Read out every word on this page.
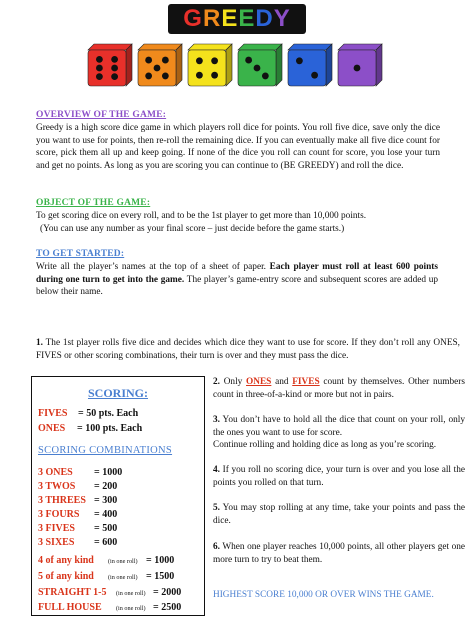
G R E E D Y
OVERVIEW OF THE GAME:
Greedy is a high score dice game in which players roll dice for points. You roll five dice, save only the dice you want to use for points, then re-roll the remaining dice. If you can eventually make all five dice count for score, pick them all up and keep going. If none of the dice you roll can count for score, you lose your turn and get no points. As long as you are scoring you can continue to (BE GREEDY) and roll the dice.
OBJECT OF THE GAME:
To get scoring dice on every roll, and to be the 1st player to get more than 10,000 points.
(You can use any number as your final score – just decide before the game starts.)
TO GET STARTED:
Write all the player’s names at the top of a sheet of paper. Each player must roll at least 600 points during one turn to get into the game. The player’s game-entry score and subsequent scores are added up below their name.
1. The 1st player rolls five dice and decides which dice they want to use for score. If they don’t roll any ONES, FIVES or other scoring combinations, their turn is over and they must pass the dice.
SCORING:
FIVES = 50 pts. Each
ONES = 100 pts. Each
SCORING COMBINATIONS
3 ONES = 1000
3 TWOS = 200
3 THREES = 300
3 FOURS = 400
3 FIVES = 500
3 SIXES = 600
4 of any kind (in one roll) = 1000
5 of any kind (in one roll) = 1500
STRAIGHT 1-5 (in one roll) = 2000
FULL HOUSE (in one roll) = 2500
2. Only ONES and FIVES count by themselves. Other numbers count in three-of-a-kind or more but not in pairs.
3. You don’t have to hold all the dice that count on your roll, only the ones you want to use for score.
Continue rolling and holding dice as long as you’re scoring.
4. If you roll no scoring dice, your turn is over and you lose all the points you rolled on that turn.
5. You may stop rolling at any time, take your points and pass the dice.
6. When one player reaches 10,000 points, all other players get one more turn to try to beat them.
HIGHEST SCORE 10,000 OR OVER WINS THE GAME.
